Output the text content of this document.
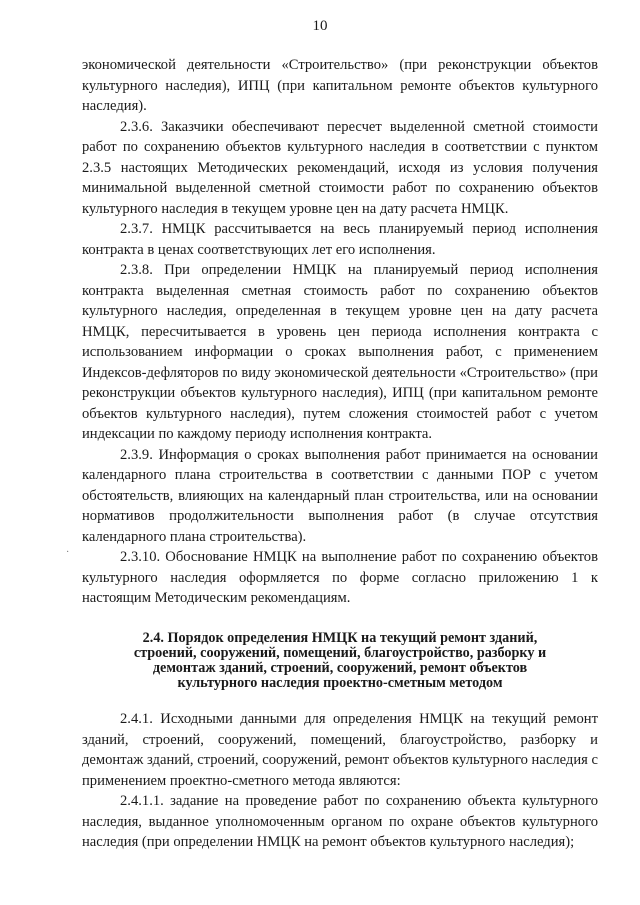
10
·

экономической деятельности «Строительство» (при реконструкции объектов культурного наследия), ИПЦ (при капитальном ремонте объектов культурного наследия).

2.3.6. Заказчики обеспечивают пересчет выделенной сметной стоимости работ по сохранению объектов культурного наследия в соответствии с пунктом 2.3.5 настоящих Методических рекомендаций, исходя из условия получения минимальной выделенной сметной стоимости работ по сохранению объектов культурного наследия в текущем уровне цен на дату расчета НМЦК.

2.3.7. НМЦК рассчитывается на весь планируемый период исполнения контракта в ценах соответствующих лет его исполнения.

2.3.8. При определении НМЦК на планируемый период исполнения контракта выделенная сметная стоимость работ по сохранению объектов культурного наследия, определенная в текущем уровне цен на дату расчета НМЦК, пересчитывается в уровень цен периода исполнения контракта с использованием информации о сроках выполнения работ, с применением Индексов-дефляторов по виду экономической деятельности «Строительство» (при реконструкции объектов культурного наследия), ИПЦ (при капитальном ремонте объектов культурного наследия), путем сложения стоимостей работ с учетом индексации по каждому периоду исполнения контракта.

2.3.9. Информация о сроках выполнения работ принимается на основании календарного плана строительства в соответствии с данными ПОР с учетом обстоятельств, влияющих на календарный план строительства, или на основании нормативов продолжительности выполнения работ (в случае отсутствия календарного плана строительства).

2.3.10. Обоснование НМЦК на выполнение работ по сохранению объектов культурного наследия оформляется по форме согласно приложению 1 к настоящим Методическим рекомендациям.

2.4. Порядок определения НМЦК на текущий ремонт зданий, строений, сооружений, помещений, благоустройство, разборку и демонтаж зданий, строений, сооружений, ремонт объектов культурного наследия проектно-сметным методом

2.4.1. Исходными данными для определения НМЦК на текущий ремонт зданий, строений, сооружений, помещений, благоустройство, разборку и демонтаж зданий, строений, сооружений, ремонт объектов культурного наследия с применением проектно-сметного метода являются:

2.4.1.1. задание на проведение работ по сохранению объекта культурного наследия, выданное уполномоченным органом по охране объектов культурного наследия (при определении НМЦК на ремонт объектов культурного наследия);
